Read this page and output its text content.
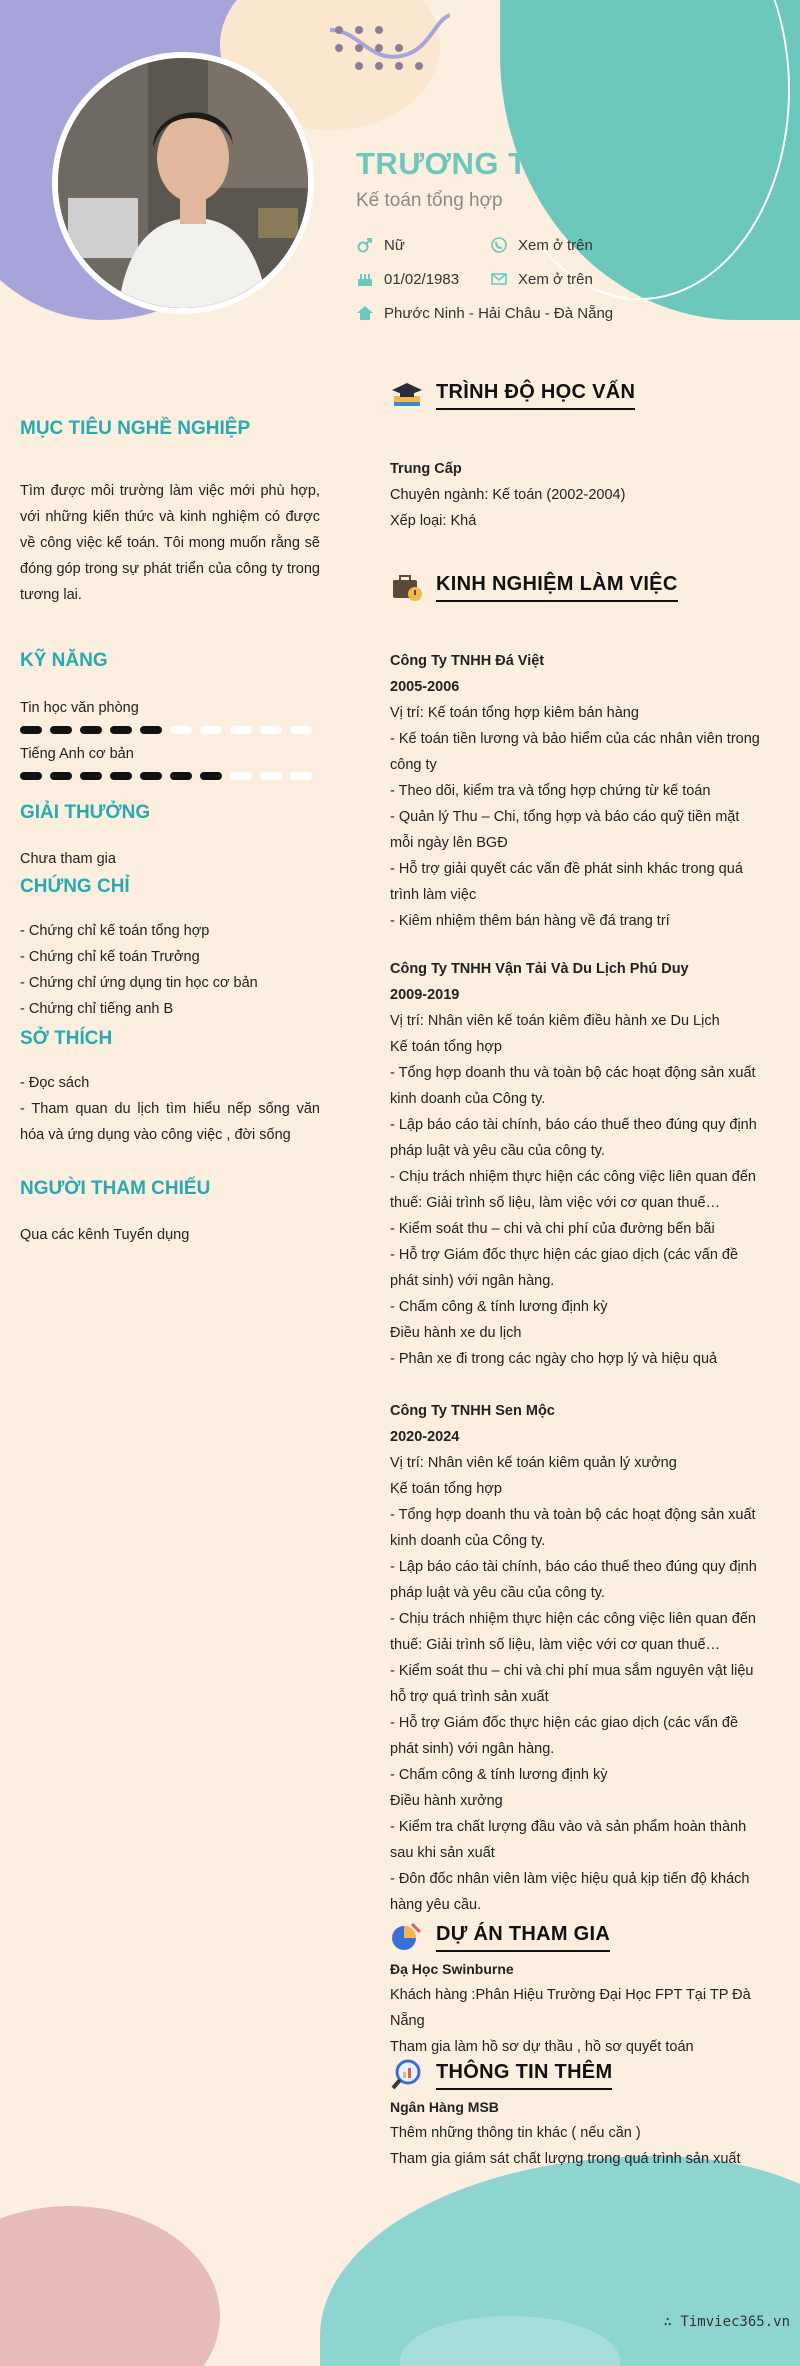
TRƯƠNG THỊ NGHĨA
Kế toán tổng hợp
Nữ	Xem ở trên
01/02/1983	Xem ở trên
Phước Ninh - Hải Châu - Đà Nẵng
MỤC TIÊU NGHỀ NGHIỆP
Tìm được môi trường làm việc mới phù hợp, với những kiến thức và kinh nghiệm có được về công việc kế toán. Tôi mong muốn rằng sẽ đóng góp trong sự phát triển của công ty trong tương lai.
KỸ NĂNG
Tin học văn phòng
Tiếng Anh cơ bản
GIẢI THƯỞNG
Chưa tham gia
CHỨNG CHỈ
- Chứng chỉ kế toán tổng hợp
- Chứng chỉ kế toán Trưởng
- Chứng chỉ ứng dụng tin học cơ bản
- Chứng chỉ tiếng anh B
SỞ THÍCH
- Đọc sách
- Tham quan du lịch tìm hiểu nếp sống văn hóa và ứng dụng vào công việc , đời sống
NGƯỜI THAM CHIẾU
Qua các kênh Tuyển dụng
TRÌNH ĐỘ HỌC VẤN
Trung Cấp
Chuyên ngành: Kế toán (2002-2004)
Xếp loại: Khá
KINH NGHIỆM LÀM VIỆC
Công Ty TNHH Đá Việt
2005-2006
Vị trí: Kế toán tổng hợp kiêm bán hàng
- Kế toán tiền lương và bảo hiểm của các nhân viên trong công ty
- Theo dõi, kiểm tra và tổng hợp chứng từ kế toán
- Quản lý Thu – Chi, tổng hợp và báo cáo quỹ tiền mặt mỗi ngày lên BGĐ
- Hỗ trợ giải quyết các vấn đề phát sinh khác trong quá trình làm việc
- Kiêm nhiệm thêm bán hàng về đá trang trí
Công Ty TNHH Vận Tải Và Du Lịch Phú Duy
2009-2019
Vị trí: Nhân viên kế toán kiêm điều hành xe Du Lịch
Kế toán tổng hợp
- Tổng hợp doanh thu và toàn bộ các hoạt động sản xuất kinh doanh của Công ty.
- Lập báo cáo tài chính, báo cáo thuế theo đúng quy định pháp luật và yêu cầu của công ty.
- Chịu trách nhiệm thực hiện các công việc liên quan đến thuế: Giải trình số liệu, làm việc với cơ quan thuế…
- Kiểm soát thu – chi và chi phí của đường bến bãi
- Hỗ trợ Giám đốc thực hiện các giao dịch (các vấn đề phát sinh) với ngân hàng.
- Chấm công & tính lương định kỳ
Điều hành xe du lịch
- Phân xe đi trong các ngày cho hợp lý và hiệu quả
Công Ty TNHH Sen Mộc
2020-2024
Vị trí: Nhân viên kế toán kiêm quản lý xưởng
Kế toán tổng hợp
- Tổng hợp doanh thu và toàn bộ các hoạt động sản xuất kinh doanh của Công ty.
- Lập báo cáo tài chính, báo cáo thuế theo đúng quy định pháp luật và yêu cầu của công ty.
- Chịu trách nhiệm thực hiện các công việc liên quan đến thuế: Giải trình số liệu, làm việc với cơ quan thuế…
- Kiểm soát thu – chi và chi phí mua sắm nguyên vật liệu hỗ trợ quá trình sản xuất
- Hỗ trợ Giám đốc thực hiện các giao dịch (các vấn đề phát sinh) với ngân hàng.
- Chấm công & tính lương định kỳ
Điều hành xưởng
- Kiểm tra chất lượng đầu vào và sản phẩm hoàn thành sau khi sản xuất
- Đôn đốc nhân viên làm việc hiệu quả kịp tiến độ khách hàng yêu cầu.
DỰ ÁN THAM GIA
Đạ Học Swinburne
Khách hàng :Phân Hiệu Trường Đại Học FPT Tại TP Đà Nẵng
Tham gia làm hồ sơ dự thầu , hồ sơ quyết toán
THÔNG TIN THÊM
Ngân Hàng MSB
Thêm những thông tin khác ( nếu cần )
Tham gia giám sát chất lượng trong quá trình sản xuất
∴ Timviec365.vn
